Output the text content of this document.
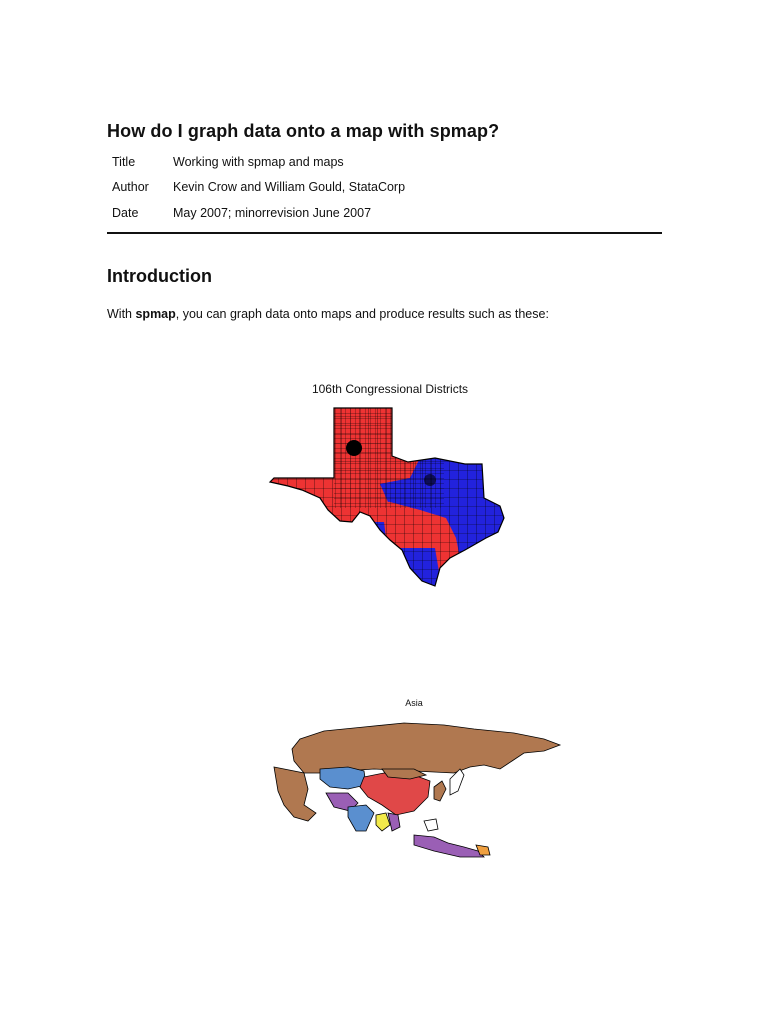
How do I graph data onto a map with spmap?
Title	Working with spmap and maps
Author	Kevin Crow and William Gould, StataCorp
Date	May 2007; minorrevision June 2007
Introduction

With spmap, you can graph data onto maps and produce results such as these:

106th Congressional Districts
Asia
